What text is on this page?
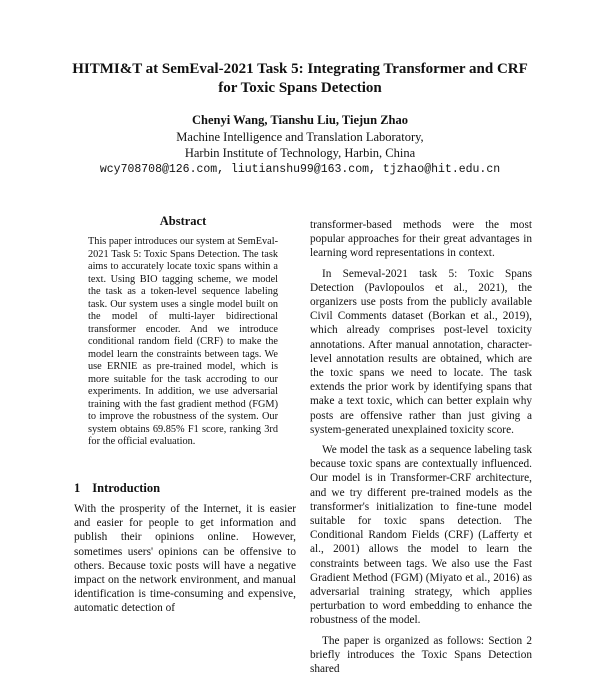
HITMI&T at SemEval-2021 Task 5: Integrating Transformer and CRF
for Toxic Spans Detection
Chenyi Wang, Tianshu Liu, Tiejun Zhao
Machine Intelligence and Translation Laboratory,
Harbin Institute of Technology, Harbin, China
wcy708708@126.com, liutianshu99@163.com, tjzhao@hit.edu.cn
Abstract
This paper introduces our system at SemEval-2021 Task 5: Toxic Spans Detection. The task aims to accurately locate toxic spans within a text. Using BIO tagging scheme, we model the task as a token-level sequence labeling task. Our system uses a single model built on the model of multi-layer bidirectional transformer encoder. And we introduce conditional random field (CRF) to make the model learn the constraints between tags. We use ERNIE as pre-trained model, which is more suitable for the task accroding to our experiments. In addition, we use adversarial training with the fast gradient method (FGM) to improve the robustness of the system. Our system obtains 69.85% F1 score, ranking 3rd for the official evaluation.
1 Introduction
With the prosperity of the Internet, it is easier and easier for people to get information and publish their opinions online. However, sometimes users' opinions can be offensive to others. Because toxic posts will have a negative impact on the network environment, and manual identification is time-consuming and expensive, automatic detection of

transformer-based methods were the most popular approaches for their great advantages in learning word representations in context.

In Semeval-2021 task 5: Toxic Spans Detection (Pavlopoulos et al., 2021), the organizers use posts from the publicly available Civil Comments dataset (Borkan et al., 2019), which already comprises post-level toxicity annotations. After manual annotation, character-level annotation results are obtained, which are the toxic spans we need to locate. The task extends the prior work by identifying spans that make a text toxic, which can better explain why posts are offensive rather than just giving a system-generated unexplained toxicity score.

We model the task as a sequence labeling task because toxic spans are contextually influenced. Our model is in Transformer-CRF architecture, and we try different pre-trained models as the transformer's initialization to fine-tune model suitable for toxic spans detection. The Conditional Random Fields (CRF) (Lafferty et al., 2001) allows the model to learn the constraints between tags. We also use the Fast Gradient Method (FGM) (Miyato et al., 2016) as adversarial training strategy, which applies perturbation to word embedding to enhance the robustness of the model.

The paper is organized as follows: Section 2 briefly introduces the Toxic Spans Detection shared
